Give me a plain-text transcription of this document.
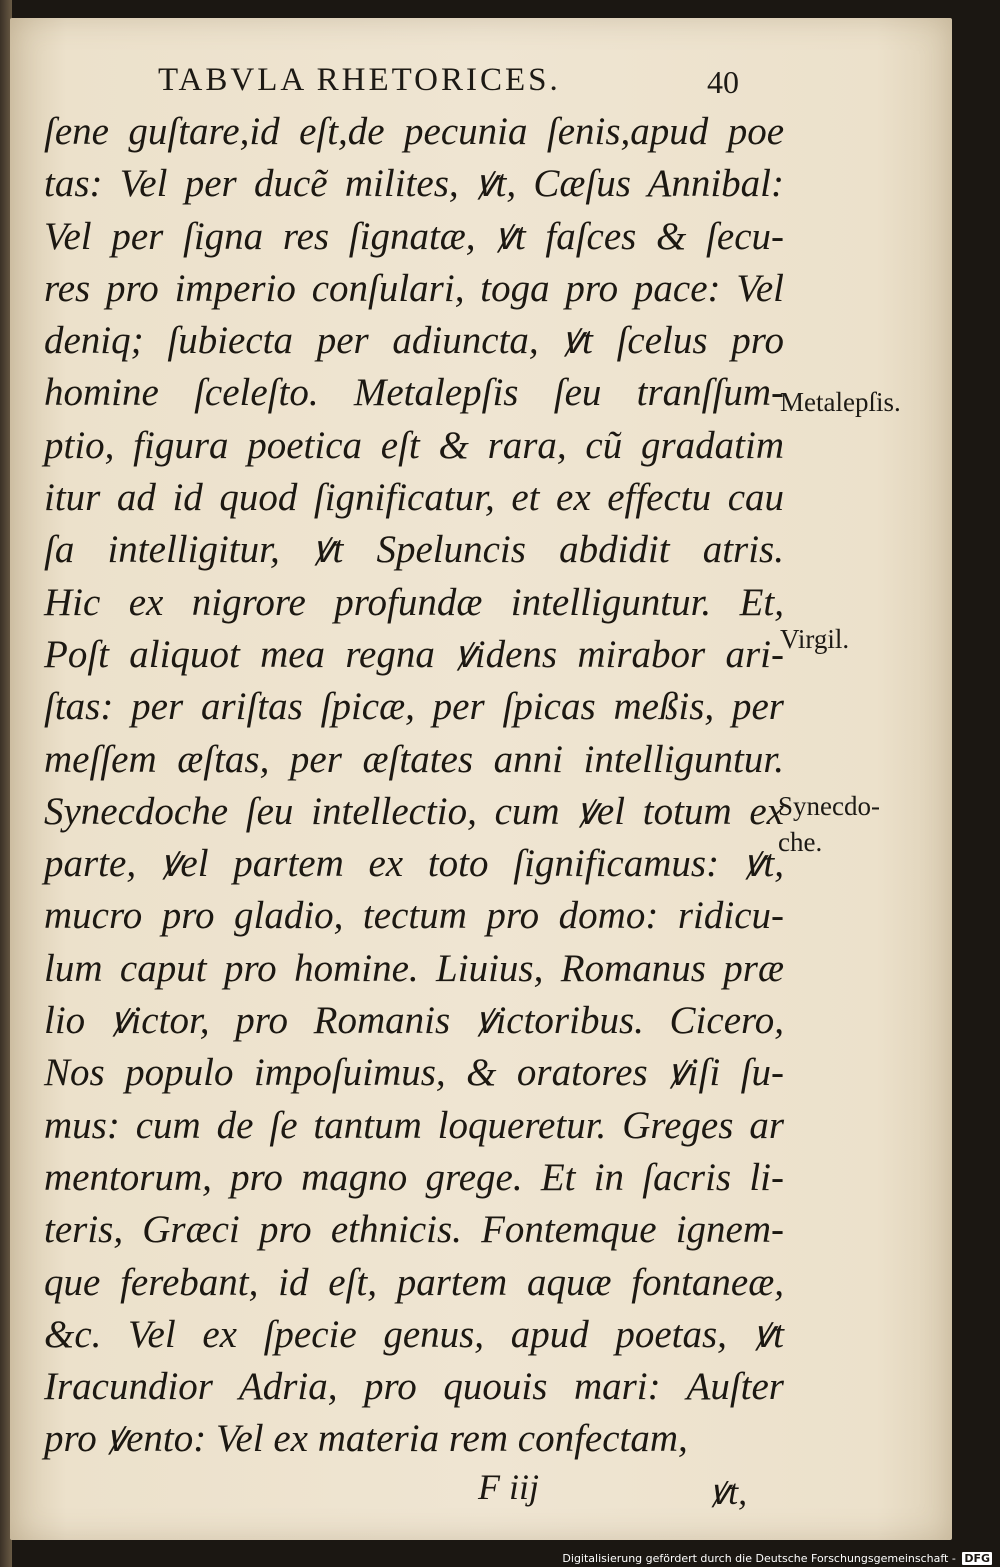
TABVLA RHETORICES.	40
ſene guſtare,id eſt,de pecunia ſenis,apud poe
tas: Vel per ducẽ milites, ꝟt, Cæſus Annibal:
Vel per ſigna res ſignatæ, ꝟt faſces & ſecu-
res pro imperio conſulari, toga pro pace: Vel
deniq; ſubiecta per adiuncta, ꝟt ſcelus pro
homine ſceleſto. Metalepſis ſeu tranſſum-
ptio, figura poetica eſt & rara, cũ gradatim
itur ad id quod ſignificatur, et ex effectu cau
ſa intelligitur, ꝟt Speluncis abdidit atris.
Hic ex nigrore profundæ intelliguntur. Et,
Poſt aliquot mea regna ꝟidens mirabor ari-
ſtas: per ariſtas ſpicæ, per ſpicas meßis, per
meſſem æſtas, per æſtates anni intelliguntur.
Synecdoche ſeu intellectio, cum ꝟel totum ex
parte, ꝟel partem ex toto ſignificamus: ꝟt,
mucro pro gladio, tectum pro domo: ridicu-
lum caput pro homine. Liuius, Romanus præ
lio ꝟictor, pro Romanis ꝟictoribus. Cicero,
Nos populo impoſuimus, & oratores ꝟiſi ſu-
mus: cum de ſe tantum loqueretur. Greges ar
mentorum, pro magno grege. Et in ſacris li-
teris, Græci pro ethnicis. Fontemque ignem-
que ferebant, id eſt, partem aquæ fontaneæ,
&c. Vel ex ſpecie genus, apud poetas, ꝟt
Iracundior Adria, pro quouis mari: Auſter
pro ꝟento: Vel ex materia rem confectam,
Metalepſis.
Virgil.
Synecdo-
che.
F iij	ꝟt,
Digitalisierung gefördert durch die Deutsche Forschungsgemeinschaft - DFG
